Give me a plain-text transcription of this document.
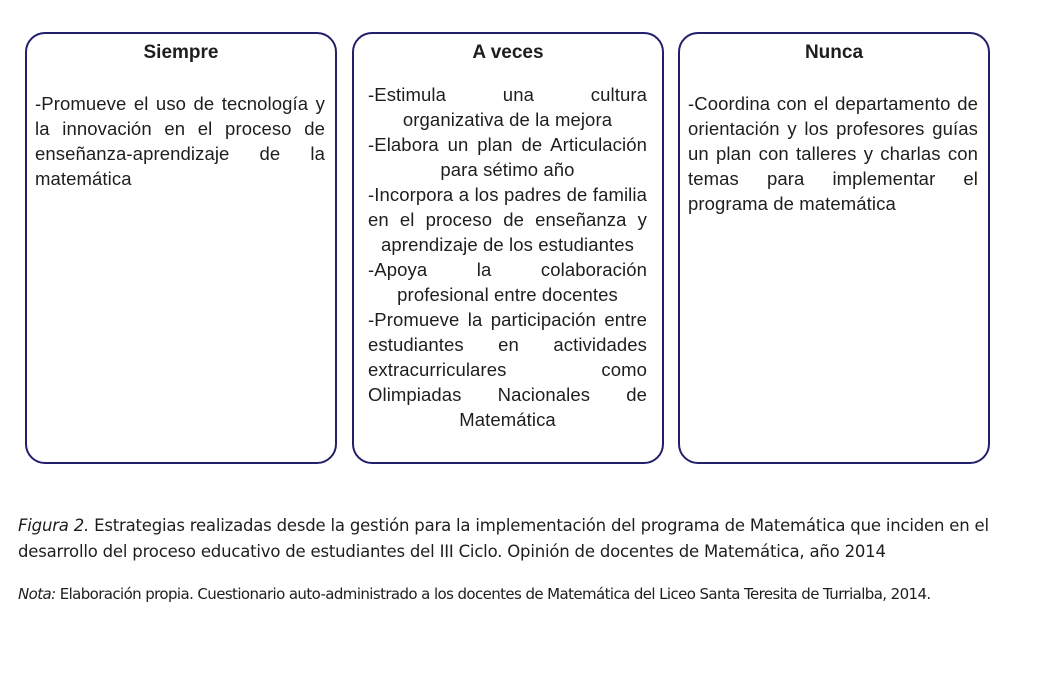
Siempre

-Promueve el uso de tecnología y la innovación en el proceso de enseñanza-aprendizaje de la matemática

A veces

-Estimula una cultura organizativa de la mejora

-Elabora un plan de Articulación para sétimo año

-Incorpora a los padres de familia en el proceso de enseñanza y aprendizaje de los estudiantes

-Apoya la colaboración profesional entre docentes

-Promueve la participación entre estudiantes en actividades extracurriculares como Olimpiadas Nacionales de Matemática

Nunca

-Coordina con el departamento de orientación y los profesores guías un plan con talleres y charlas con temas para implementar el programa de matemática

Figura 2. Estrategias realizadas desde la gestión para la implementación del programa de Matemática que inciden en el desarrollo del proceso educativo de estudiantes del III Ciclo. Opinión de docentes de Matemática, año 2014
Nota: Elaboración propia. Cuestionario auto-administrado a los docentes de Matemática del Liceo Santa Teresita de Turrialba, 2014.
